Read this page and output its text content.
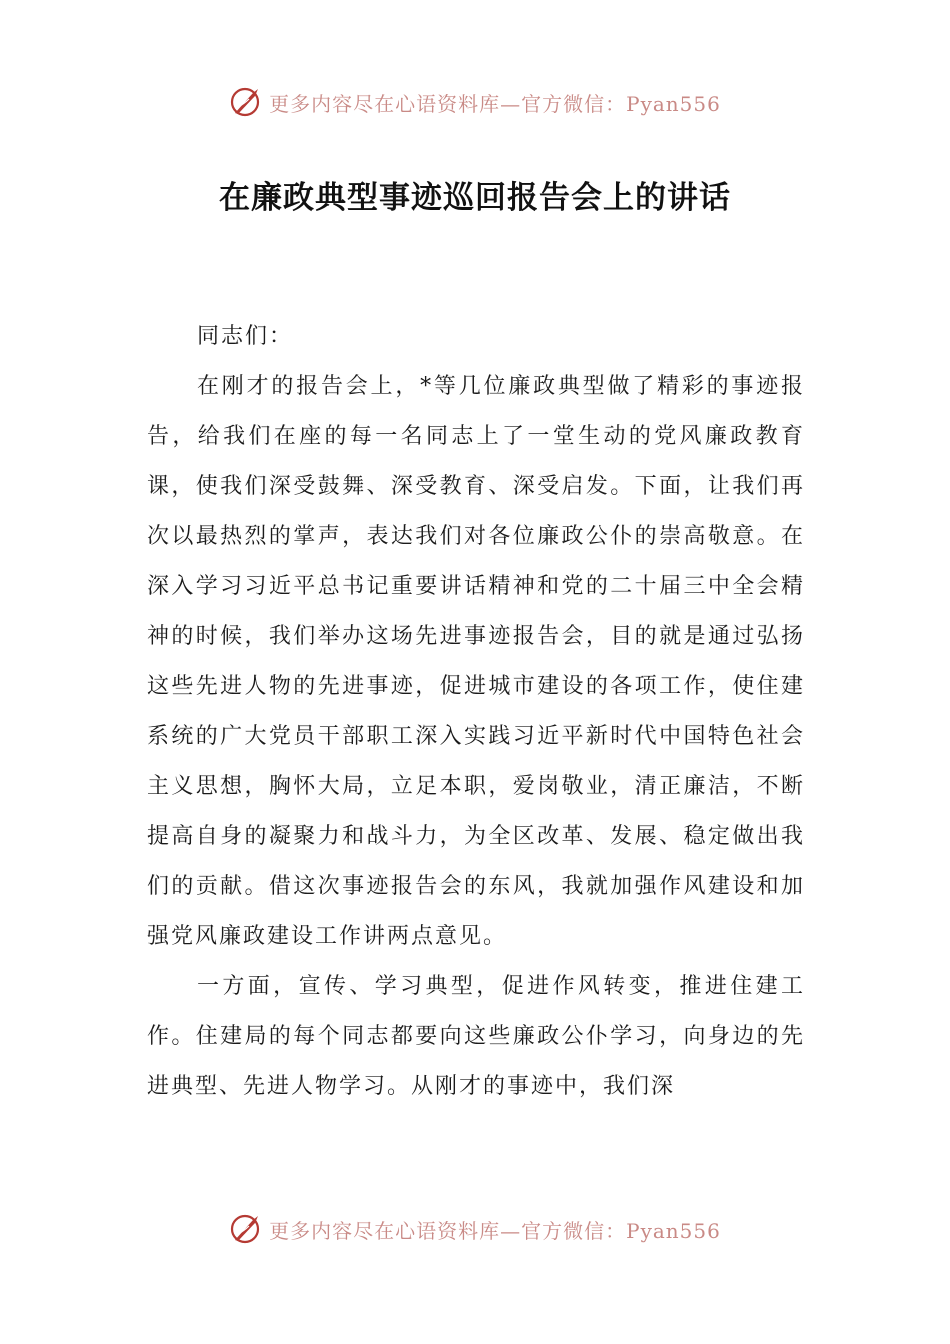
更多内容尽在心语资料库—官方微信：Pyan556
在廉政典型事迹巡回报告会上的讲话

同志们：

在刚才的报告会上，*等几位廉政典型做了精彩的事迹报告，给我们在座的每一名同志上了一堂生动的党风廉政教育课，使我们深受鼓舞、深受教育、深受启发。下面，让我们再次以最热烈的掌声，表达我们对各位廉政公仆的崇高敬意。在深入学习习近平总书记重要讲话精神和党的二十届三中全会精神的时候，我们举办这场先进事迹报告会，目的就是通过弘扬这些先进人物的先进事迹，促进城市建设的各项工作，使住建系统的广大党员干部职工深入实践习近平新时代中国特色社会主义思想，胸怀大局，立足本职，爱岗敬业，清正廉洁，不断提高自身的凝聚力和战斗力，为全区改革、发展、稳定做出我们的贡献。借这次事迹报告会的东风，我就加强作风建设和加强党风廉政建设工作讲两点意见。

一方面，宣传、学习典型，促进作风转变，推进住建工作。住建局的每个同志都要向这些廉政公仆学习，向身边的先进典型、先进人物学习。从刚才的事迹中，我们深

更多内容尽在心语资料库—官方微信：Pyan556
